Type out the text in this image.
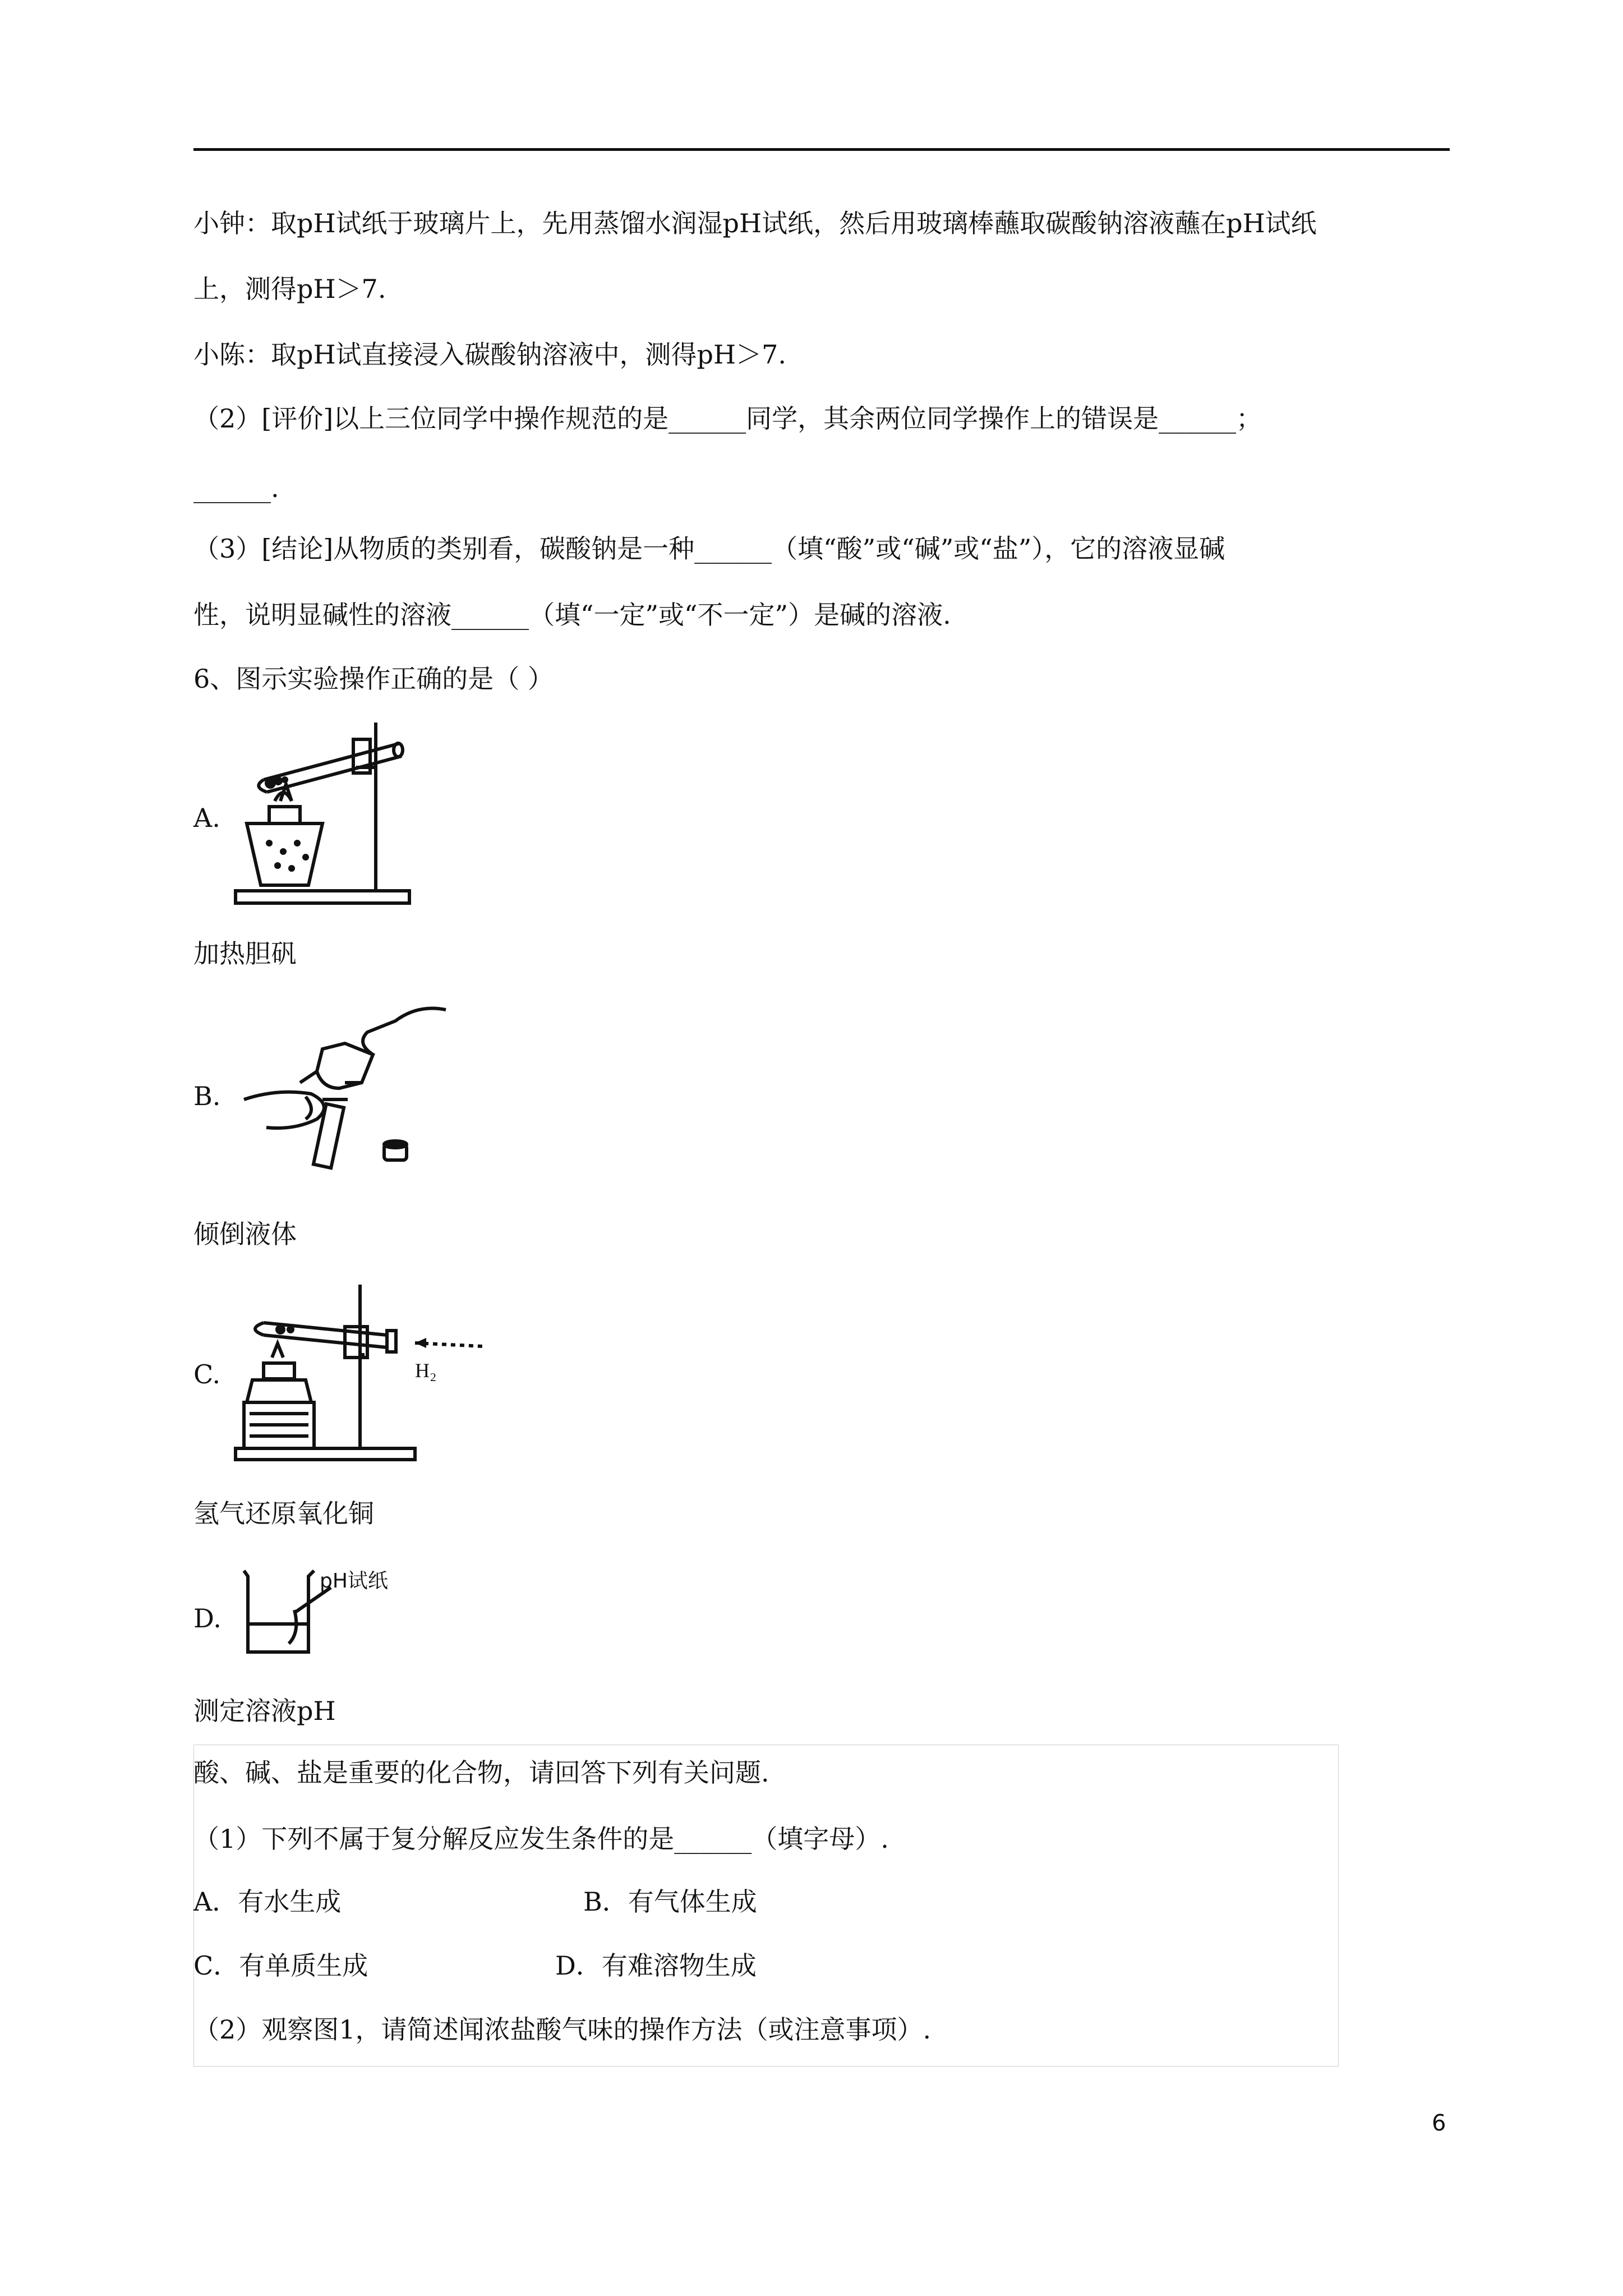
小钟：取pH试纸于玻璃片上，先用蒸馏水润湿pH试纸，然后用玻璃棒蘸取碳酸钠溶液蘸在pH试纸
上，测得pH＞7.
小陈：取pH试直接浸入碳酸钠溶液中，测得pH＞7.
（2）[评价]以上三位同学中操作规范的是______同学，其余两位同学操作上的错误是______；
______.
（3）[结论]从物质的类别看，碳酸钠是一种______（填“酸”或“碱”或“盐”），它的溶液显碱
性，说明显碱性的溶液______（填“一定”或“不一定”）是碱的溶液.
6、图示实验操作正确的是（ ）
A.
加热胆矾
B.
倾倒液体
C.	H₂
氢气还原氧化铜
D.
pH试纸
测定溶液pH
酸、碱、盐是重要的化合物，请回答下列有关问题.
（1）下列不属于复分解反应发生条件的是______（填字母）.
A．有水生成	B．有气体生成
C．有单质生成	D．有难溶物生成
（2）观察图1，请简述闻浓盐酸气味的操作方法（或注意事项）.
6
